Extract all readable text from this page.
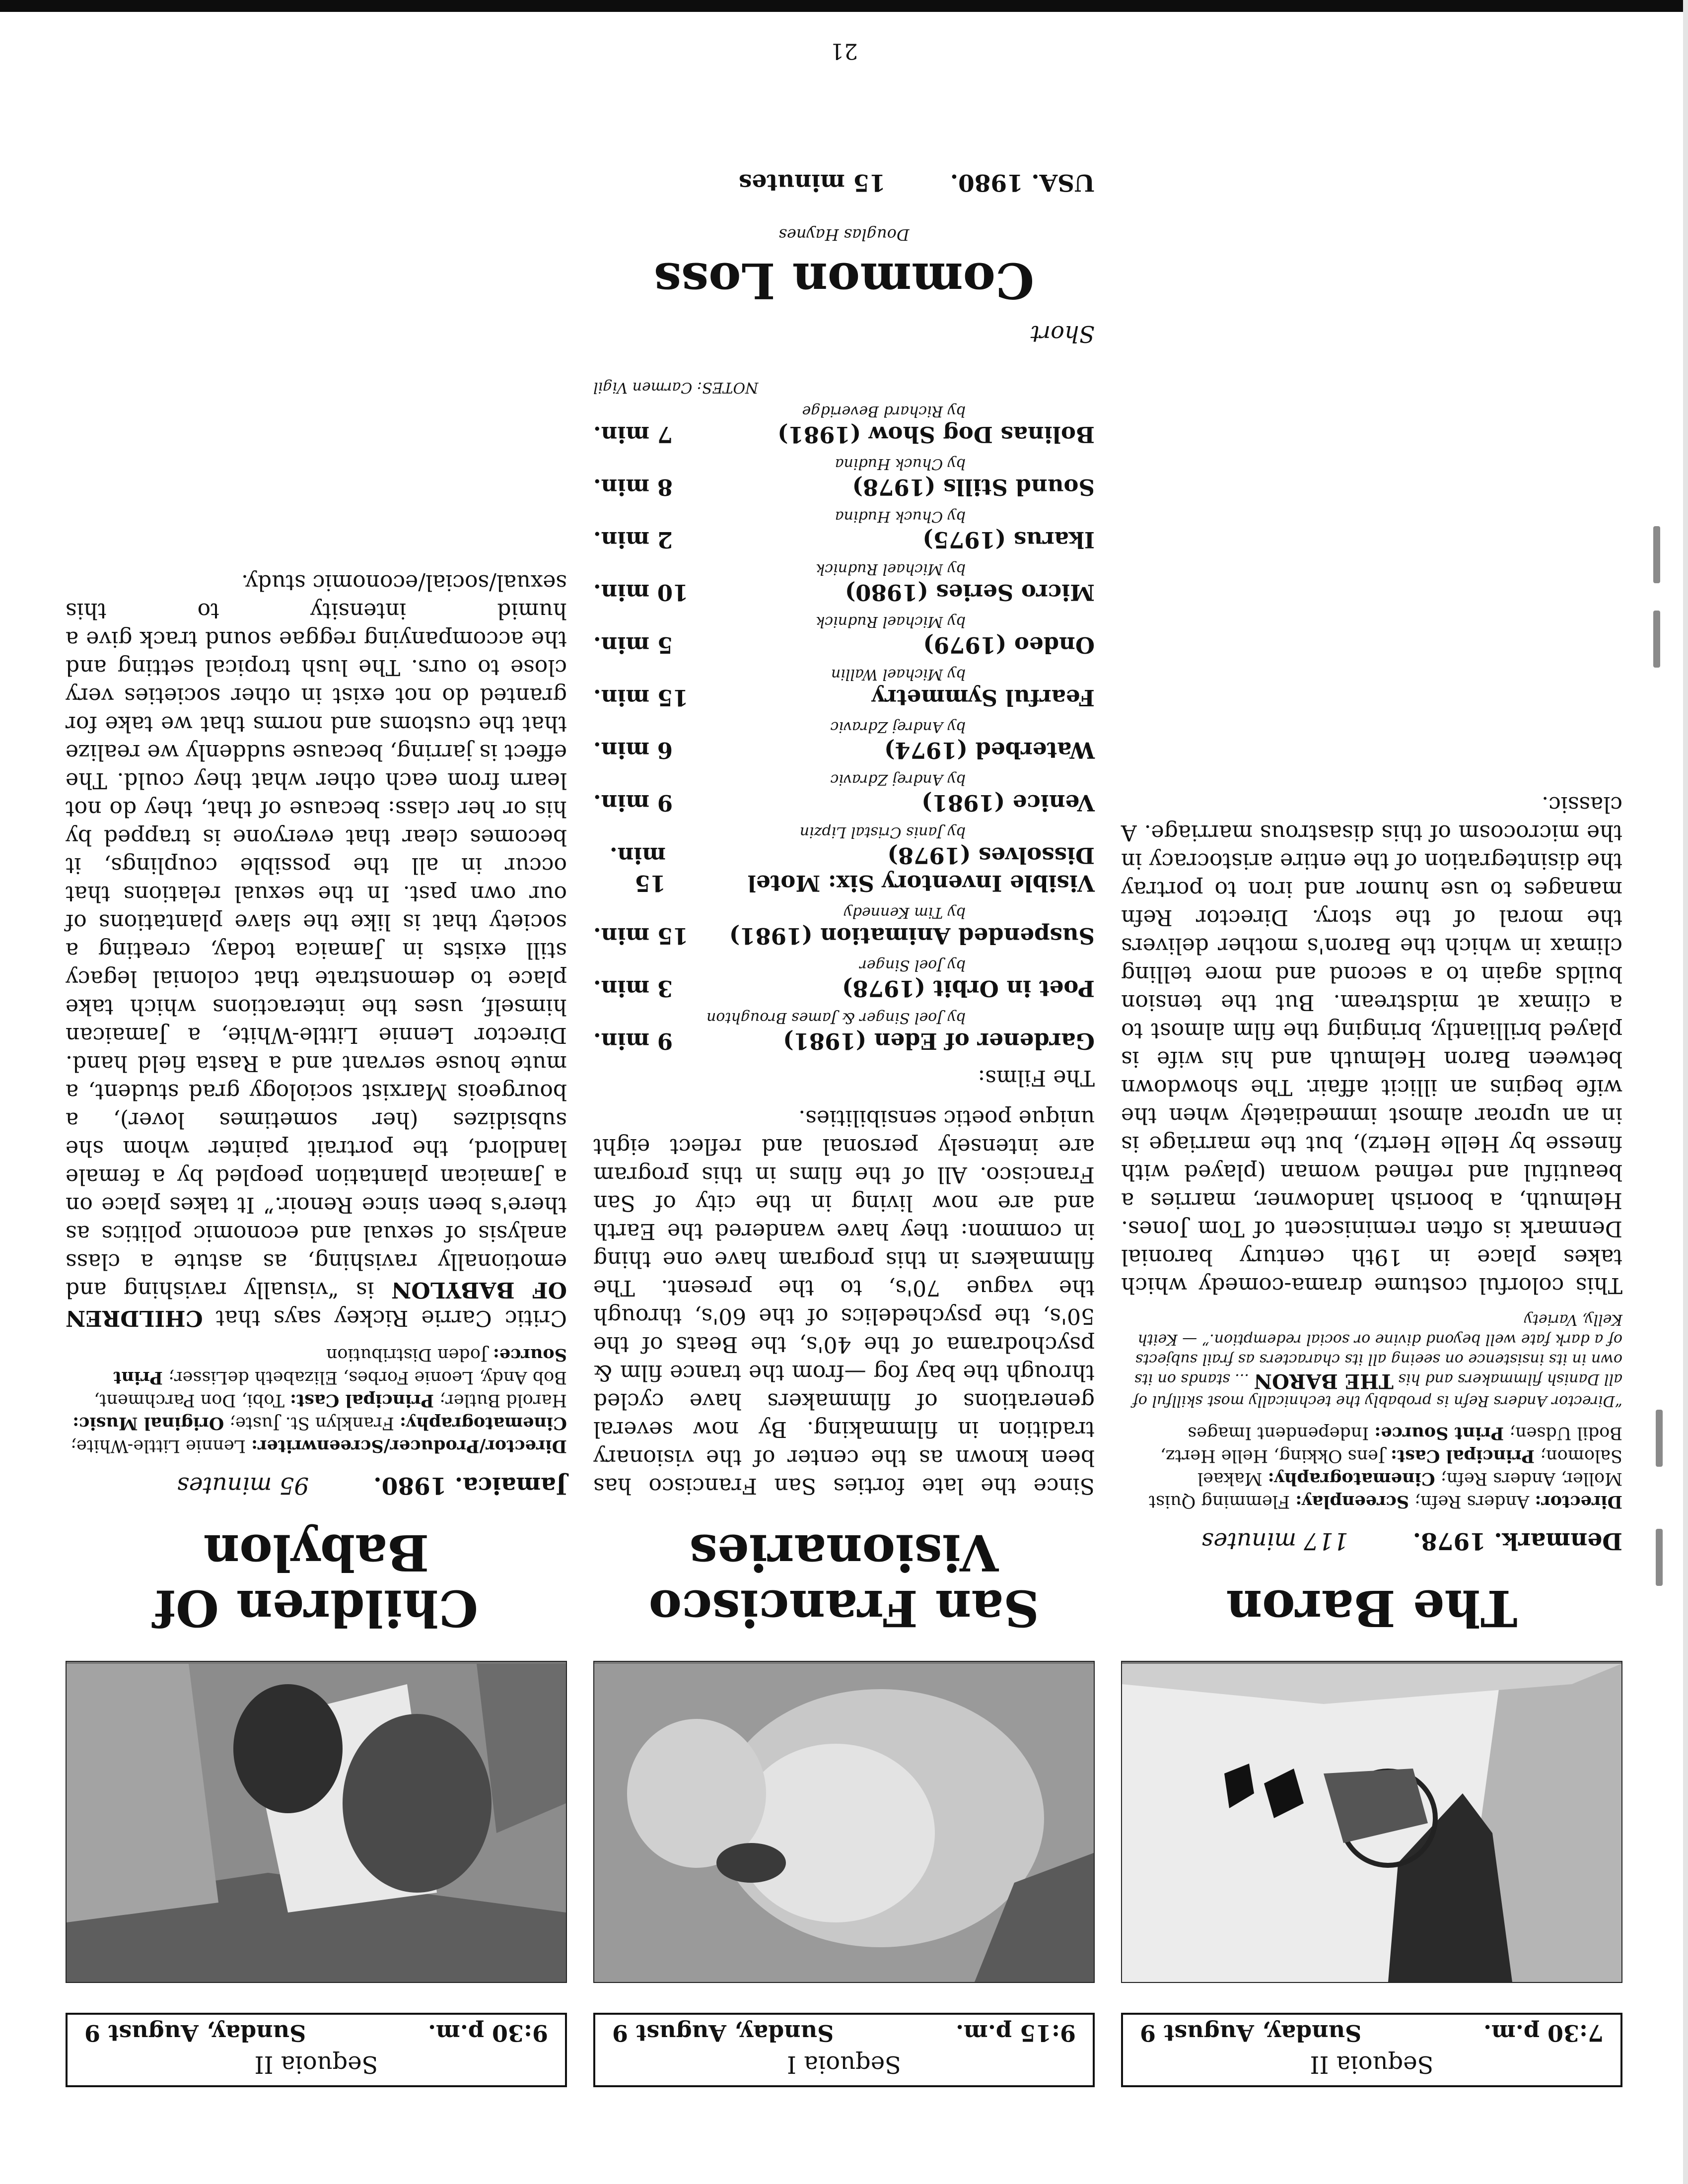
Sequoia II
7:30 p.m.
Sunday, August 9
The Baron
Denmark. 1978.117 minutes

Director: Anders Refn; Screenplay: Flemming Quist Moller, Anders Refn; Cinematography: Makael Salomon; Principal Cast: Jens Okking, Helle Hertz, Bodil Udsen; Print Source: Independent Images

“Director Anders Refn is probably the technically most skillful of all Danish filmmakers and his THE BARON ... stands on its own in its insistence on seeing all its characters as frail subjects of a dark fate well beyond divine or social redemption.” — Keith Kelly, Variety

This colorful costume drama-comedy which takes place in 19th century baronial Denmark is often reminiscent of Tom Jones. Helmuth, a boorish landowner, marries a beautiful and refined woman (played with finesse by Helle Hertz), but the marriage is in an uproar almost immediately when the wife begins an illicit affair. The showdown between Baron Helmuth and his wife is played brilliantly, bringing the film almost to a climax at midstream. But the tension builds again to a second and more telling climax in which the Baron's mother delivers the moral of the story. Director Refn manages to use humor and iron to portray the disintegration of the entire aristocracy in the microcosm of this disastrous marriage. A classic.

Sequoia I
9:15 p.m.
Sunday, August 9
San Francisco Visionaries

Since the late forties San Francisco has been known as the center of the visionary tradition in filmmaking. By now several generations of filmmakers have cycled through the bay fog —from the trance film & psychodrama of the 40's, the Beats of the 50's, the psychedelics of the 60's, through the vague 70's, to the present. The filmmakers in this program have one thing in common: they have wandered the Earth and are now living in the city of San Francisco. All of the films in this program are intensely personal and reflect eight unique poetic sensibilities.

The Films:
Gardener of Eden (1981)
9 min.
by Joel Singer & James Broughton
Poet in Orbit (1978)
3 min.
by Joel Singer
Suspended Animation (1981)
15 min.
by Tim Kennedy
Visible Inventory Six: Motel Dissolves (1978)
15 min.
by Janis Cristal Lipzin
Venice (1981)
9 min.
by Andrej Zdravic
Waterbed (1974)
6 min.
by Andrej Zdravic
Fearful Symmetry
15 min.
by Michael Wallin
Ondeo (1979)
5 min.
by Michael Rudnick
Micro Series (1980)
10 min.
by Michael Rudnick
Ikarus (1975)
2 min.
by Chuck Hudina
Sound Stills (1978)
8 min.
by Chuck Hudina
Bolinas Dog Show (1981)
7 min.
by Richard Beveridge
NOTES: Carmen Vigil
Short
Common Loss
Douglas Haynes
USA. 1980.15 minutes
Sequoia II
9:30 p.m.
Sunday, August 9
Children Of Babylon
Jamaica. 1980.95 minutes

Director/Producer/Screenwriter: Lennie Little-White; Cinematography: Franklyn St. Juste; Original Music: Harold Butler; Principal Cast: Tobi, Don Parchment, Bob Andy, Leonie Forbes, Elizabeth deLisser; Print Source: Joden Distribution

Critic Carrie Rickey says that CHILDREN OF BABYLON is “visually ravishing and emotionally ravishing, as astute a class analysis of sexual and economic politics as there's been since Renoir.” It takes place on a Jamaican plantation peopled by a female landlord, the portrait painter whom she subsidizes (her sometimes lover), a bourgeois Marxist sociology grad student, a mute house servant and a Rasta field hand. Director Lennie Little-White, a Jamaican himself, uses the interactions which take place to demonstrate that colonial legacy still exists in Jamaica today, creating a society that is like the slave plantations of our own past. In the sexual relations that occur in all the possible couplings, it becomes clear that everyone is trapped by his or her class: because of that, they do not learn from each other what they could. The effect is jarring, because suddenly we realize that the customs and norms that we take for granted do not exist in other societies very close to ours. The lush tropical setting and the accompanying reggae sound track give a humid intensity to this sexual/social/economic study.

21
